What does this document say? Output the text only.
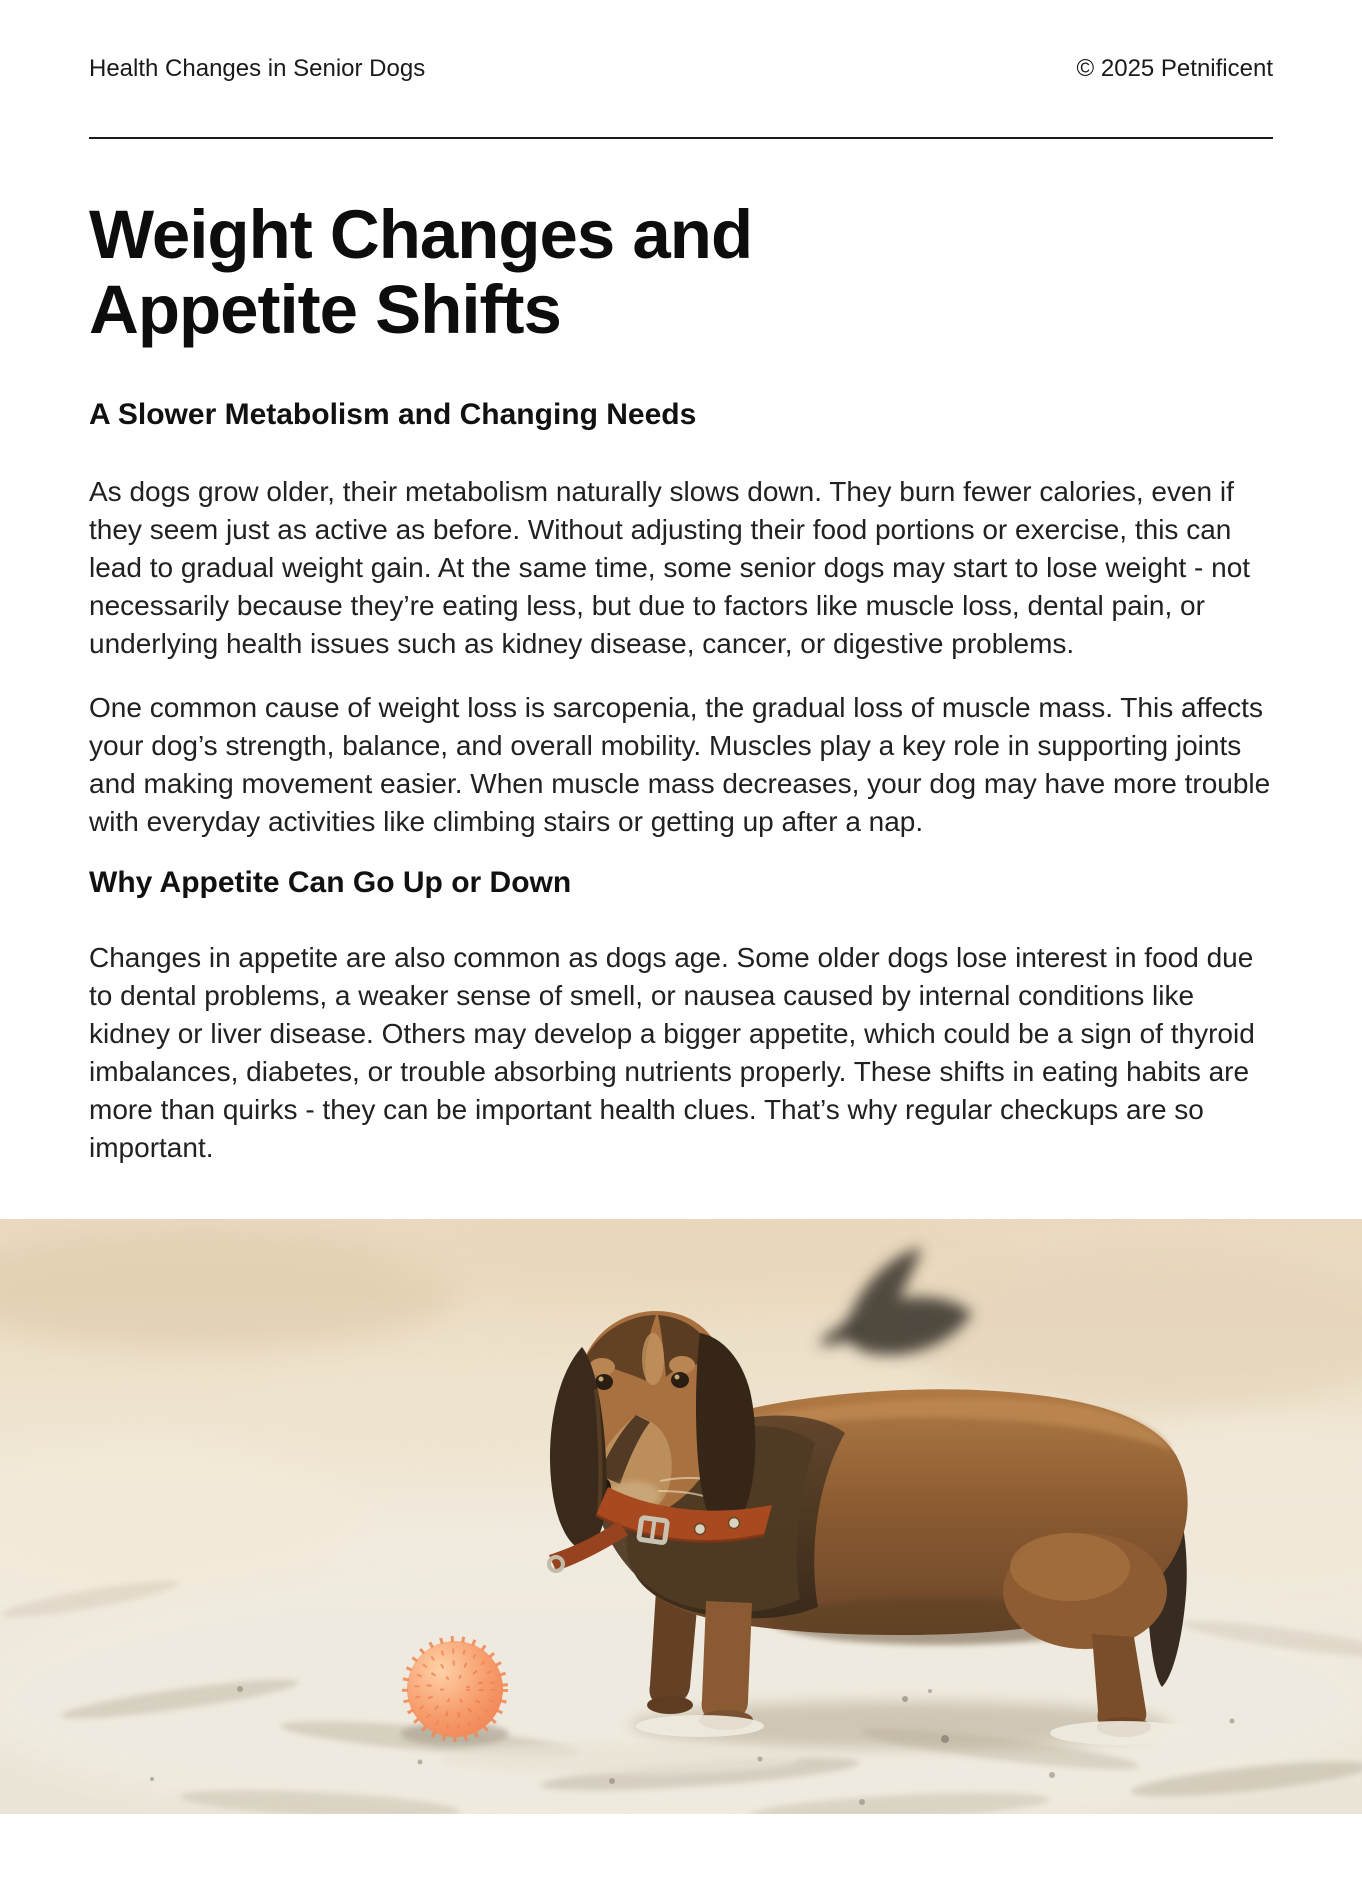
Health Changes in Senior Dogs	© 2025 Petnificent
Weight Changes and
Appetite Shifts
A Slower Metabolism and Changing Needs

As dogs grow older, their metabolism naturally slows down. They burn fewer calories, even if they seem just as active as before. Without adjusting their food portions or exercise, this can lead to gradual weight gain. At the same time, some senior dogs may start to lose weight - not necessarily because they’re eating less, but due to factors like muscle loss, dental pain, or underlying health issues such as kidney disease, cancer, or digestive problems.

One common cause of weight loss is sarcopenia, the gradual loss of muscle mass. This affects your dog’s strength, balance, and overall mobility. Muscles play a key role in supporting joints and making movement easier. When muscle mass decreases, your dog may have more trouble with everyday activities like climbing stairs or getting up after a nap.

Why Appetite Can Go Up or Down

Changes in appetite are also common as dogs age. Some older dogs lose interest in food due to dental problems, a weaker sense of smell, or nausea caused by internal conditions like kidney or liver disease. Others may develop a bigger appetite, which could be a sign of thyroid imbalances, diabetes, or trouble absorbing nutrients properly. These shifts in eating habits are more than quirks - they can be important health clues. That’s why regular checkups are so important.
